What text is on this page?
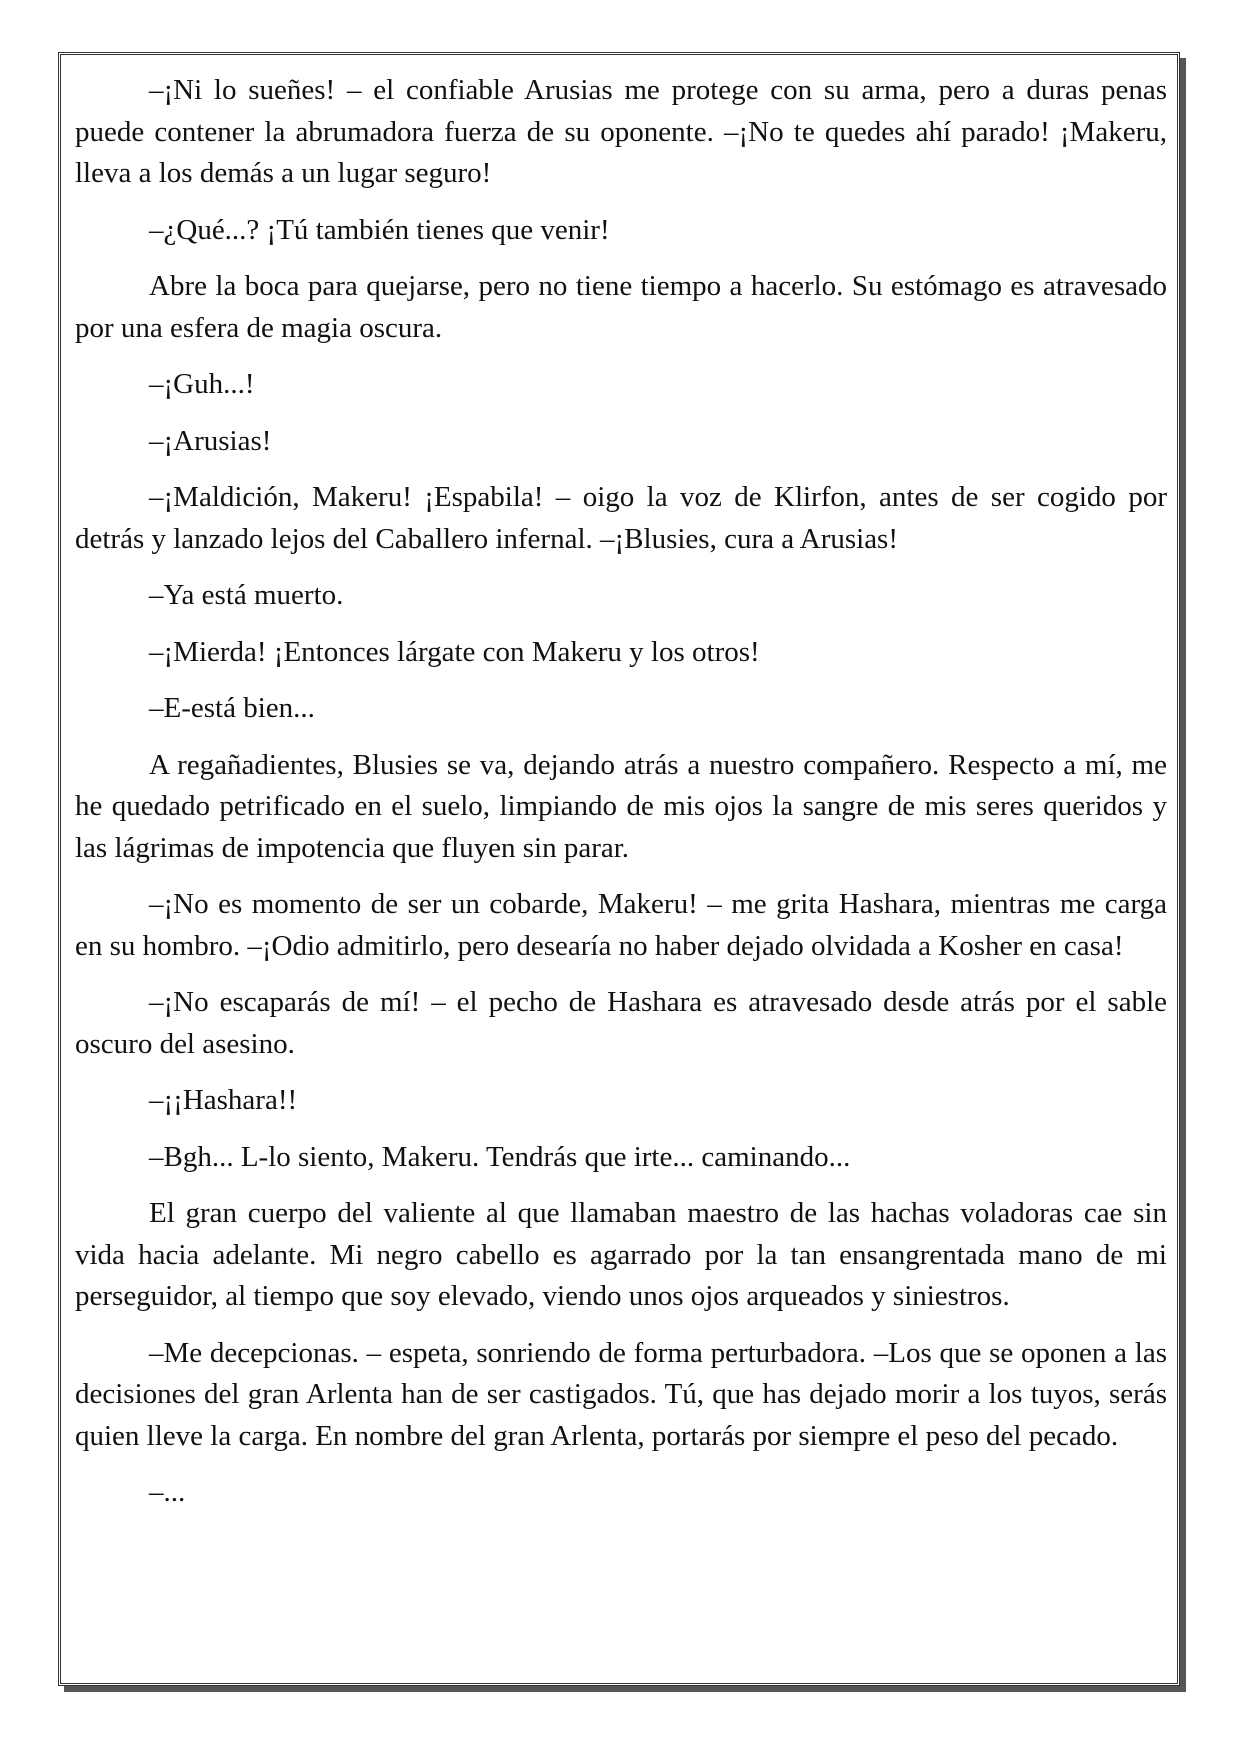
–¡Ni lo sueñes! – el confiable Arusias me protege con su arma, pero a duras penas puede contener la abrumadora fuerza de su oponente. –¡No te quedes ahí parado! ¡Makeru, lleva a los demás a un lugar seguro!

–¿Qué...? ¡Tú también tienes que venir!

Abre la boca para quejarse, pero no tiene tiempo a hacerlo. Su estómago es atravesado por una esfera de magia oscura.

–¡Guh...!

–¡Arusias!

–¡Maldición, Makeru! ¡Espabila! – oigo la voz de Klirfon, antes de ser cogido por detrás y lanzado lejos del Caballero infernal. –¡Blusies, cura a Arusias!

–Ya está muerto.

–¡Mierda! ¡Entonces lárgate con Makeru y los otros!

–E-está bien...

A regañadientes, Blusies se va, dejando atrás a nuestro compañero. Respecto a mí, me he quedado petrificado en el suelo, limpiando de mis ojos la sangre de mis seres queridos y las lágrimas de impotencia que fluyen sin parar.

–¡No es momento de ser un cobarde, Makeru! – me grita Hashara, mientras me carga en su hombro. –¡Odio admitirlo, pero desearía no haber dejado olvidada a Kosher en casa!

–¡No escaparás de mí! – el pecho de Hashara es atravesado desde atrás por el sable oscuro del asesino.

–¡¡Hashara!!

–Bgh... L-lo siento, Makeru. Tendrás que irte... caminando...

El gran cuerpo del valiente al que llamaban maestro de las hachas voladoras cae sin vida hacia adelante. Mi negro cabello es agarrado por la tan ensangrentada mano de mi perseguidor, al tiempo que soy elevado, viendo unos ojos arqueados y siniestros.

–Me decepcionas. – espeta, sonriendo de forma perturbadora. –Los que se oponen a las decisiones del gran Arlenta han de ser castigados. Tú, que has dejado morir a los tuyos, serás quien lleve la carga. En nombre del gran Arlenta, portarás por siempre el peso del pecado.

–...
